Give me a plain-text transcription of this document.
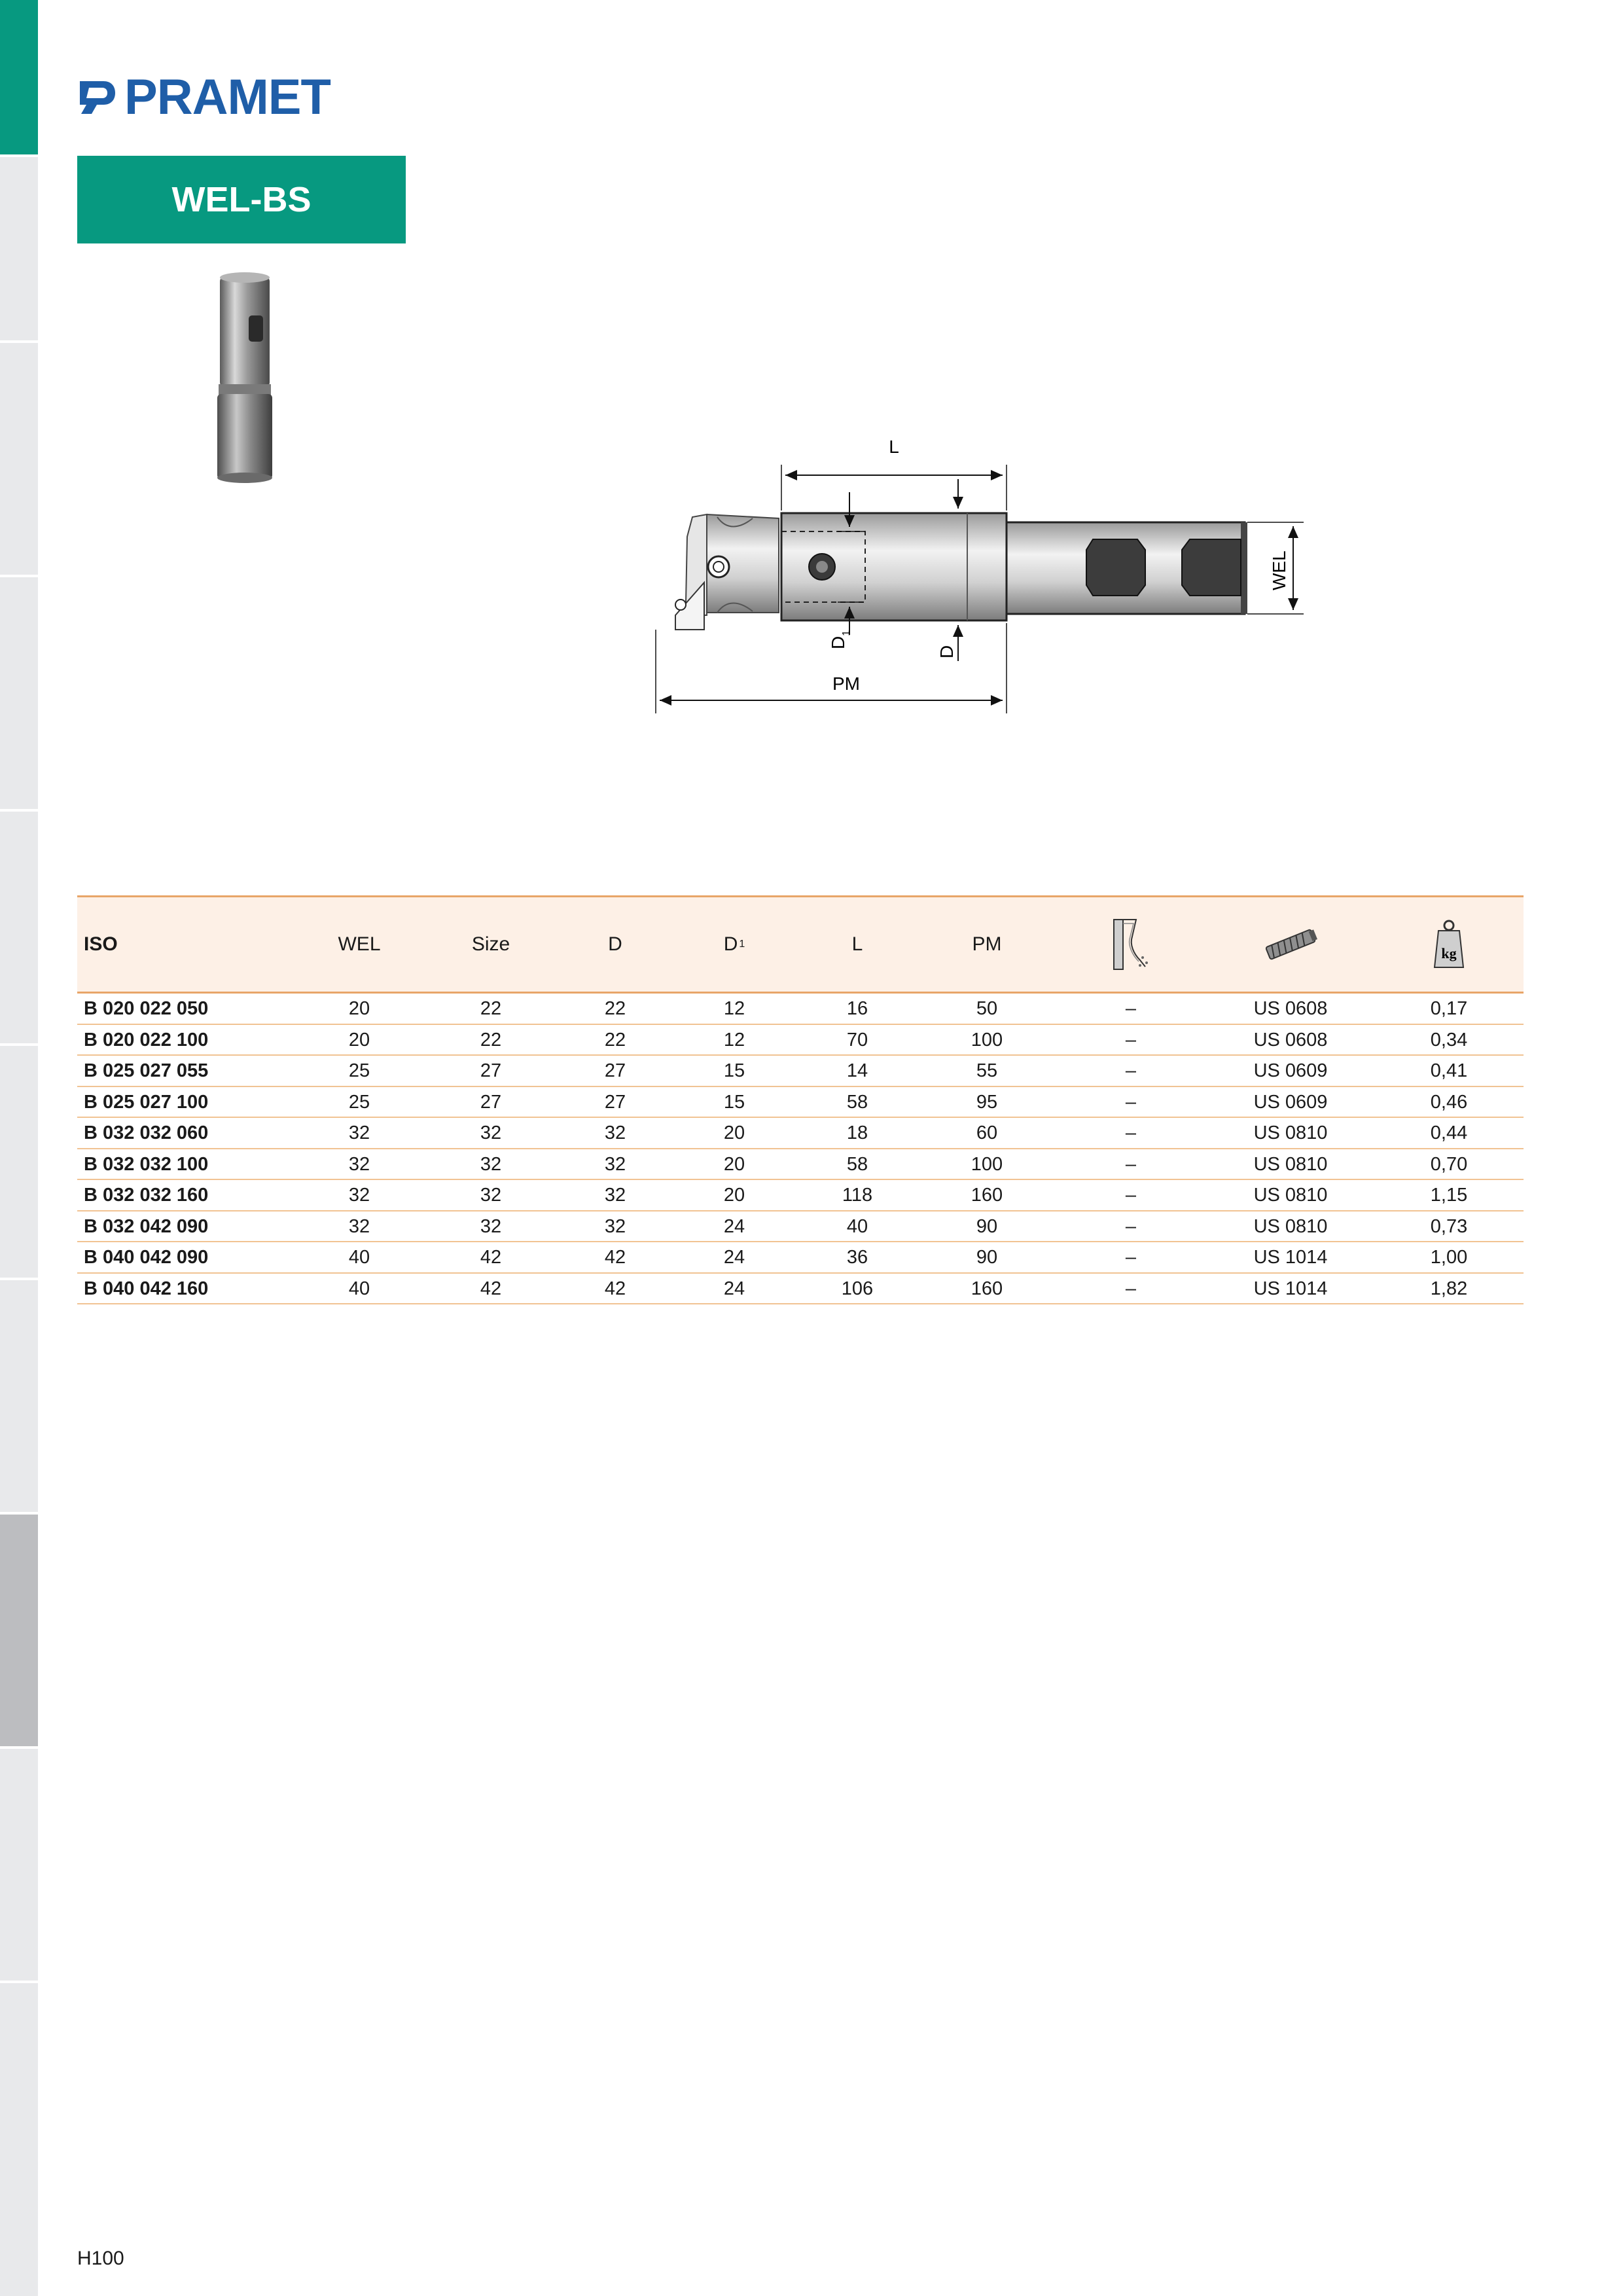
PRAMET
WEL-BS
L
$D_1$
D
WEL
PM
ISO	WEL	Size	D	D 1	L	PM	kg
B 020 022 050	20	22	22	12	16	50	–	US 0608	0,17
B 020 022 100	20	22	22	12	70	100	–	US 0608	0,34
B 025 027 055	25	27	27	15	14	55	–	US 0609	0,41
B 025 027 100	25	27	27	15	58	95	–	US 0609	0,46
B 032 032 060	32	32	32	20	18	60	–	US 0810	0,44
B 032 032 100	32	32	32	20	58	100	–	US 0810	0,70
B 032 032 160	32	32	32	20	118	160	–	US 0810	1,15
B 032 042 090	32	32	32	24	40	90	–	US 0810	0,73
B 040 042 090	40	42	42	24	36	90	–	US 1014	1,00
B 040 042 160	40	42	42	24	106	160	–	US 1014	1,82
H100
